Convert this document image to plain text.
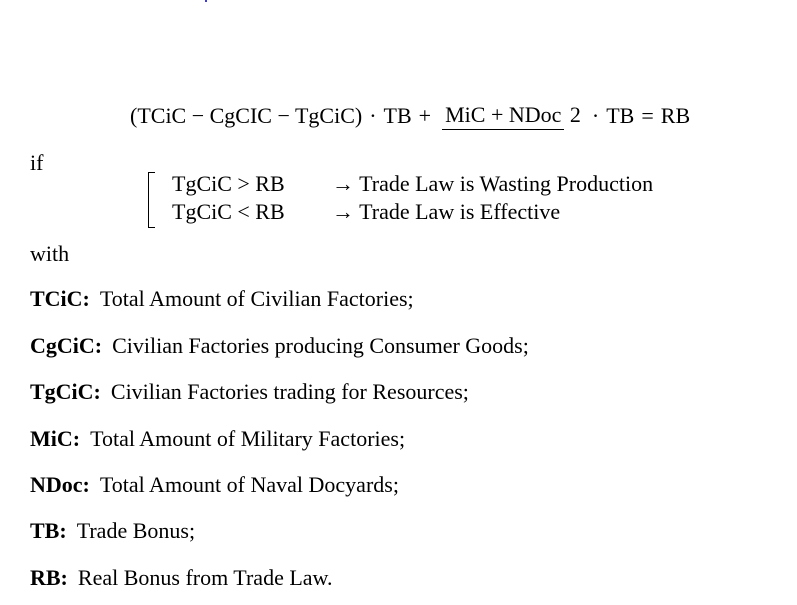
(TCiC − CgCIC − TgCiC) · TB + MiC + NDoc 2 · TB = RB
if
TgCiC > RB	→ Trade Law is Wasting Production
TgCiC < RB	→ Trade Law is Effective
with
TCiC: Total Amount of Civilian Factories;
CgCiC: Civilian Factories producing Consumer Goods;
TgCiC: Civilian Factories trading for Resources;
MiC: Total Amount of Military Factories;
NDoc: Total Amount of Naval Docyards;
TB: Trade Bonus;
RB: Real Bonus from Trade Law.
